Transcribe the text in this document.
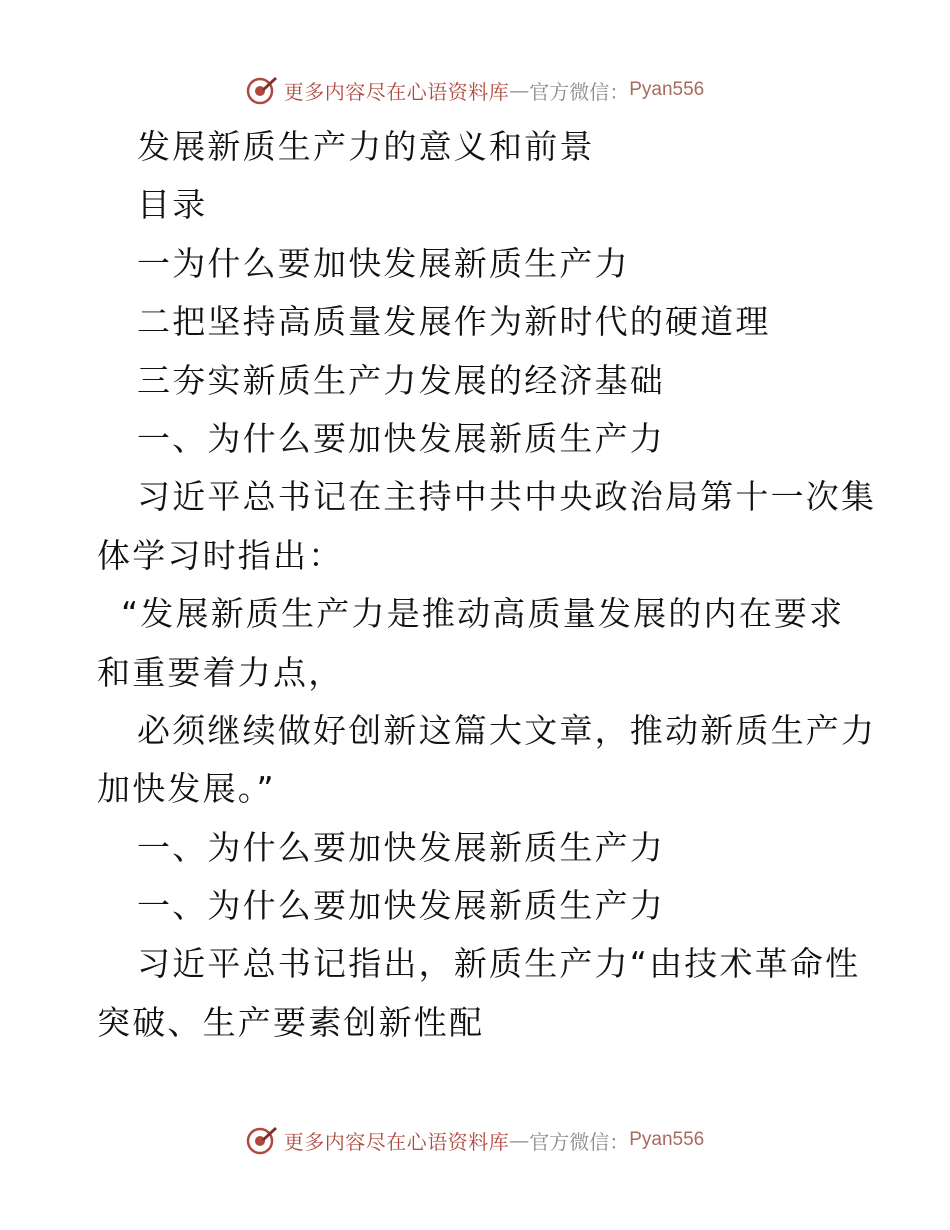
更多内容尽在心语资料库 — 官方微信： Pyan556
发展新质生产力的意义和前景
目录
一为什么要加快发展新质生产力
二把坚持高质量发展作为新时代的硬道理
三夯实新质生产力发展的经济基础
一、为什么要加快发展新质生产力
习近平总书记在主持中共中央政治局第十一次集
体学习时指出：
“发展新质生产力是推动高质量发展的内在要求
和重要着力点，
必须继续做好创新这篇大文章，推动新质生产力
加快发展。”
一、为什么要加快发展新质生产力
一、为什么要加快发展新质生产力
习近平总书记指出，新质生产力“由技术革命性
突破、生产要素创新性配
更多内容尽在心语资料库 — 官方微信： Pyan556
